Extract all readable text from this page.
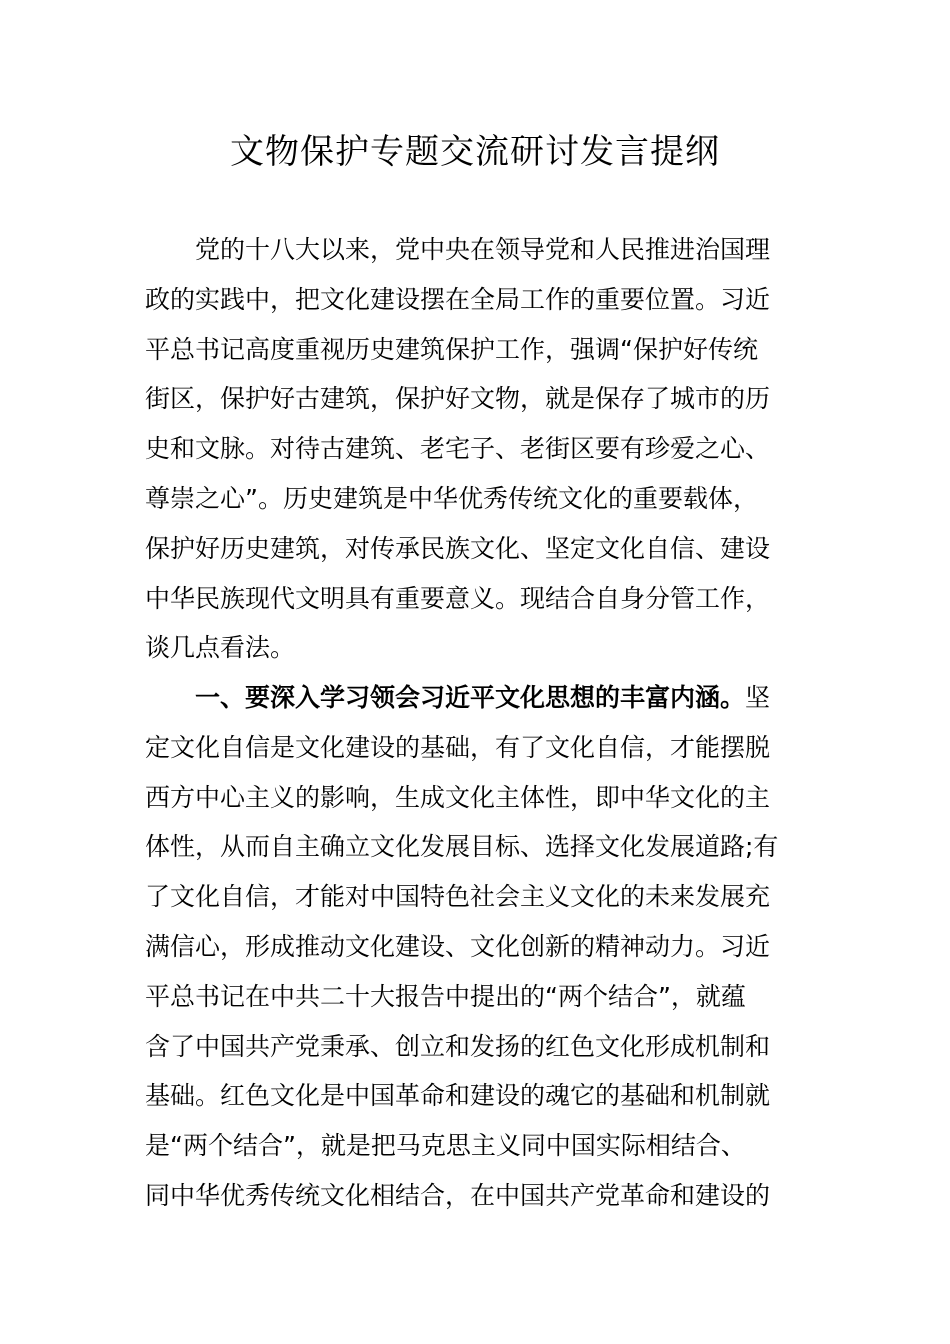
文物保护专题交流研讨发言提纲
党的十八大以来，党中央在领导党和人民推进治国理
政的实践中，把文化建设摆在全局工作的重要位置。习近
平总书记高度重视历史建筑保护工作，强调“保护好传统
街区，保护好古建筑，保护好文物，就是保存了城市的历
史和文脉。对待古建筑、老宅子、老街区要有珍爱之心、
尊崇之心”。历史建筑是中华优秀传统文化的重要载体，
保护好历史建筑，对传承民族文化、坚定文化自信、建设
中华民族现代文明具有重要意义。现结合自身分管工作，
谈几点看法。
一、要深入学习领会习近平文化思想的丰富内涵。坚
定文化自信是文化建设的基础，有了文化自信，才能摆脱
西方中心主义的影响，生成文化主体性，即中华文化的主
体性，从而自主确立文化发展目标、选择文化发展道路;有
了文化自信，才能对中国特色社会主义文化的未来发展充
满信心，形成推动文化建设、文化创新的精神动力。习近
平总书记在中共二十大报告中提出的“两个结合”，就蕴
含了中国共产党秉承、创立和发扬的红色文化形成机制和
基础。红色文化是中国革命和建设的魂它的基础和机制就
是“两个结合”，就是把马克思主义同中国实际相结合、
同中华优秀传统文化相结合，在中国共产党革命和建设的
